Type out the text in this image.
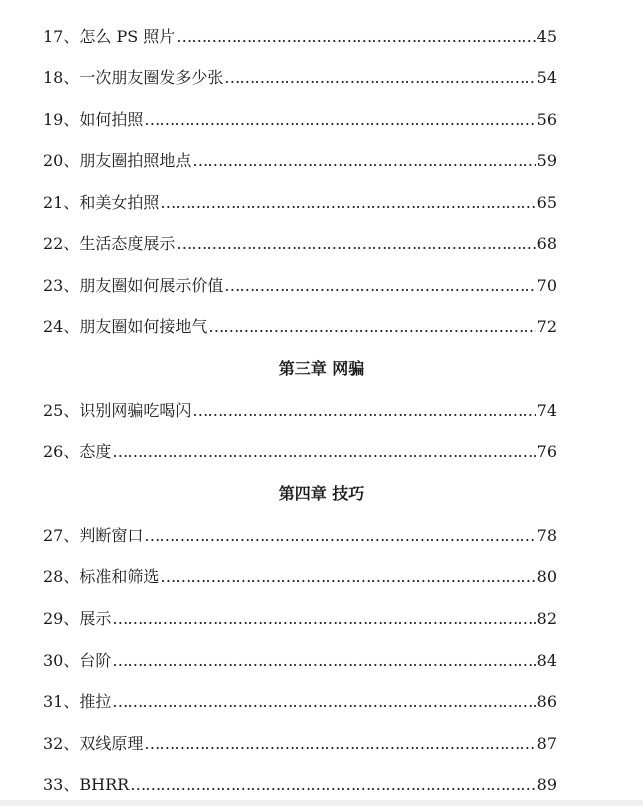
17、 怎么 PS 照片 ……………………………………………………………………………………………………………………………………………	45
18、 一次朋友圈发多少张 ……………………………………………………………………………………………………………………………………………	54
19、 如何拍照 ……………………………………………………………………………………………………………………………………………	56
20、 朋友圈拍照地点 ……………………………………………………………………………………………………………………………………………	59
21、 和美女拍照 ……………………………………………………………………………………………………………………………………………	65
22、 生活态度展示 ……………………………………………………………………………………………………………………………………………	68
23、 朋友圈如何展示价值 ……………………………………………………………………………………………………………………………………………	70
24、 朋友圈如何接地气 ……………………………………………………………………………………………………………………………………………	72
第三章 网骗
25、 识别网骗吃喝闪 ……………………………………………………………………………………………………………………………………………	74
26、 态度 ……………………………………………………………………………………………………………………………………………	76
第四章 技巧
27、 判断窗口 ……………………………………………………………………………………………………………………………………………	78
28、 标准和筛选 ……………………………………………………………………………………………………………………………………………	80
29、 展示 ……………………………………………………………………………………………………………………………………………	82
30、 台阶 ……………………………………………………………………………………………………………………………………………	84
31、 推拉 ……………………………………………………………………………………………………………………………………………	86
32、 双线原理 ……………………………………………………………………………………………………………………………………………	87
33、 BHRR ……………………………………………………………………………………………………………………………………………	89
